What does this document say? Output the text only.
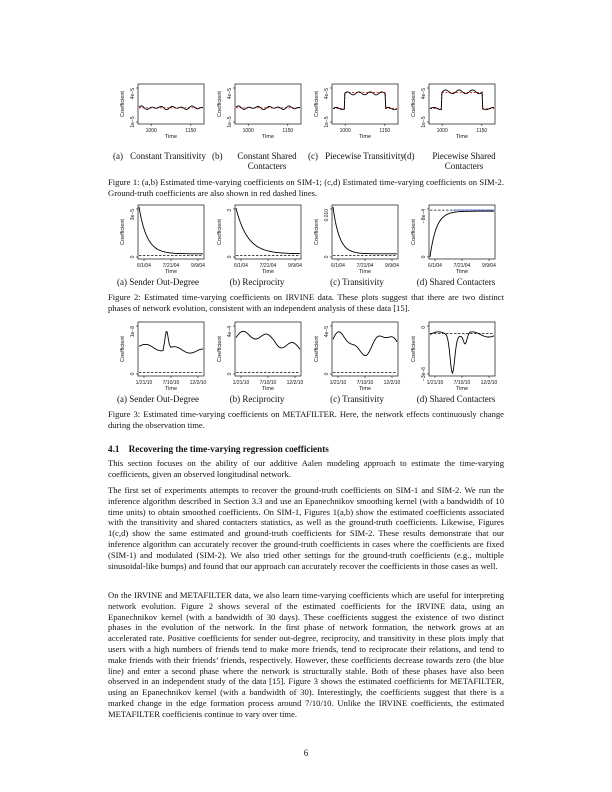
1e−5
4e−5
Coefficient
1000	1150
Time
1e−5
4e−5
Coefficient
1000	1150
Time
1e−5
4e−5
Coefficient
1000	1150
Time
1e−5
4e−5
Coefficient
1000	1150
Time
(a) Constant Transitivity (b)	Constant Shared Contacters
(c) Piecewise Transitivity (d)	Piecewise Shared Contacters
Figure 1: (a,b) Estimated time-varying coefficients on SIM-1; (c,d) Estimated time-varying coefficients on SIM-2. Ground-truth coefficients are also shown in red dashed lines.
0
3e−5
Coefficient
6/1/04 7/21/04 9/9/04
Time
0
3
Coefficient
6/1/04 7/21/04 9/9/04
Time
0
0.010
Coefficient
6/1/04 7/21/04 9/9/04
Time
0
−8e−4
Coefficient
6/1/04 7/21/04 9/9/04
Time
(a) Sender Out-Degree	(b) Reciprocity	(c) Transitivity	(d) Shared Contacters
Figure 2: Estimated time-varying coefficients on IRVINE data. These plots suggest that there are two distinct phases of network evolution, consistent with an independent analysis of these data [15].
0
1e−8
Coefficient
1/21/10 7/10/10 12/2/10
Time
0
4e−4
Coefficient
1/21/10 7/10/10 12/2/10
Time
0
4e−5
Coefficient
1/21/10 7/10/10 12/2/10
Time
−3e−6
0
Coefficient
1/21/10 7/10/10 12/2/10
Time
(a) Sender Out-Degree	(b) Reciprocity	(c) Transitivity	(d) Shared Contacters
Figure 3: Estimated time-varying coefficients on METAFILTER. Here, the network effects continuously change during the observation time.
4.1 Recovering the time-varying regression coefficients
This section focuses on the ability of our additive Aalen modeling approach to estimate the time-varying coefficients, given an observed longitudinal network.
The first set of experiments attempts to recover the ground-truth coefficients on SIM-1 and SIM-2. We run the inference algorithm described in Section 3.3 and use an Epanechnikov smoothing kernel (with a bandwidth of 10 time units) to obtain smoothed coefficients. On SIM-1, Figures 1(a,b) show the estimated coefficients associated with the transitivity and shared contacters statistics, as well as the ground-truth coefficients. Likewise, Figures 1(c,d) show the same estimated and ground-truth coefficients for SIM-2. These results demonstrate that our inference algorithm can accurately recover the ground-truth coefficients in cases where the coefficients are fixed (SIM-1) and modulated (SIM-2). We also tried other settings for the ground-truth coefficients (e.g., multiple sinusoidal-like bumps) and found that our approach can accurately recover the coefficients in those cases as well.
On the IRVINE and METAFILTER data, we also learn time-varying coefficients which are useful for interpreting network evolution. Figure 2 shows several of the estimated coefficients for the IRVINE data, using an Epanechnikov kernel (with a bandwidth of 30 days). These coefficients suggest the existence of two distinct phases in the evolution of the network. In the first phase of network formation, the network grows at an accelerated rate. Positive coefficients for sender out-degree, reciprocity, and transitivity in these plots imply that users with a high numbers of friends tend to make more friends, tend to reciprocate their relations, and tend to make friends with their friends’ friends, respectively. However, these coefficients decrease towards zero (the blue line) and enter a second phase where the network is structurally stable. Both of these phases have also been observed in an independent study of the data [15]. Figure 3 shows the estimated coefficients for METAFILTER, using an Epanechnikov kernel (with a bandwidth of 30). Interestingly, the coefficients suggest that there is a marked change in the edge formation process around 7/10/10. Unlike the IRVINE coefficients, the estimated METAFILTER coefficients continue to vary over time.
6
